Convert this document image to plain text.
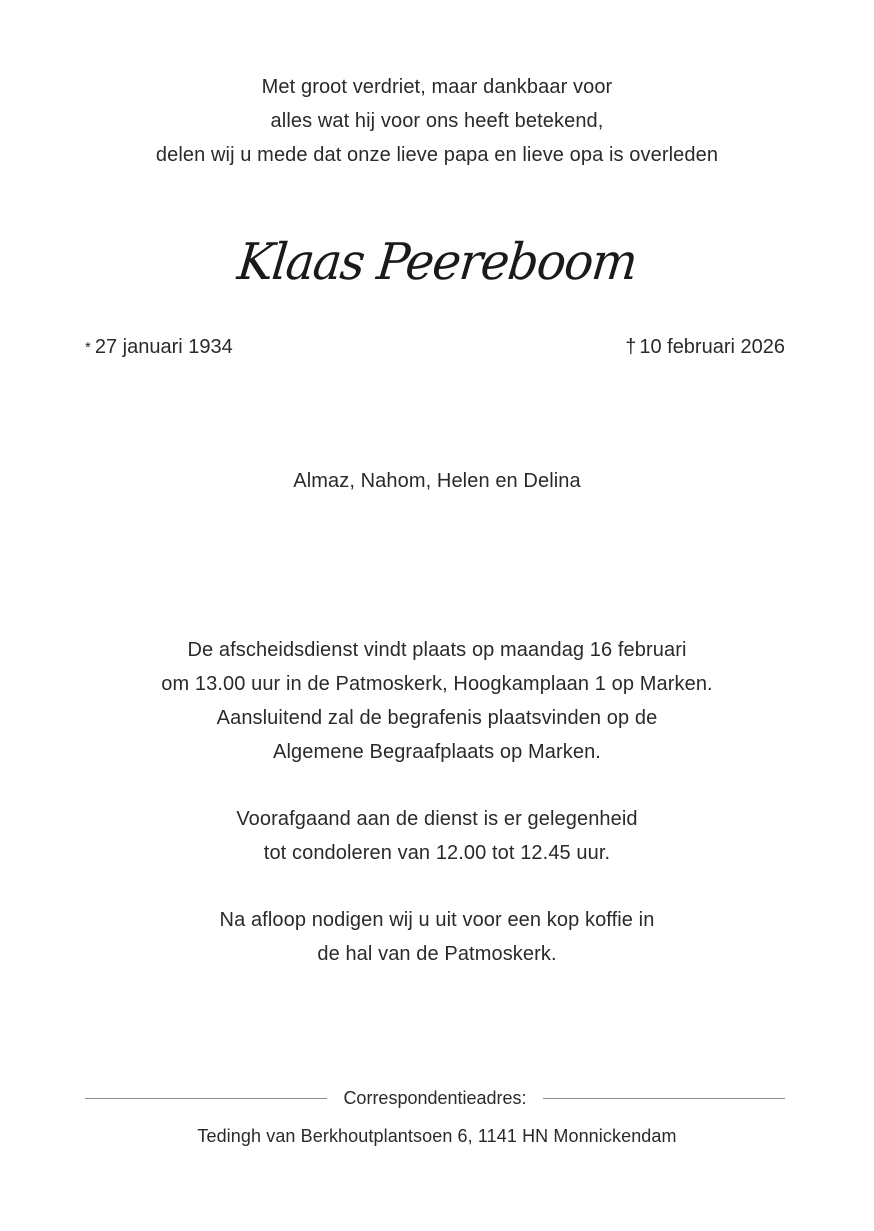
Met groot verdriet, maar dankbaar voor
alles wat hij voor ons heeft betekend,
delen wij u mede dat onze lieve papa en lieve opa is overleden
Klaas Peereboom
* 27 januari 1934	† 10 februari 2026
Almaz, Nahom, Helen en Delina
De afscheidsdienst vindt plaats op maandag 16 februari
om 13.00 uur in de Patmoskerk, Hoogkamplaan 1 op Marken.
Aansluitend zal de begrafenis plaatsvinden op de
Algemene Begraafplaats op Marken.
Voorafgaand aan de dienst is er gelegenheid
tot condoleren van 12.00 tot 12.45 uur.
Na afloop nodigen wij u uit voor een kop koffie in
de hal van de Patmoskerk.
Correspondentieadres:
Tedingh van Berkhoutplantsoen 6, 1141 HN Monnickendam
